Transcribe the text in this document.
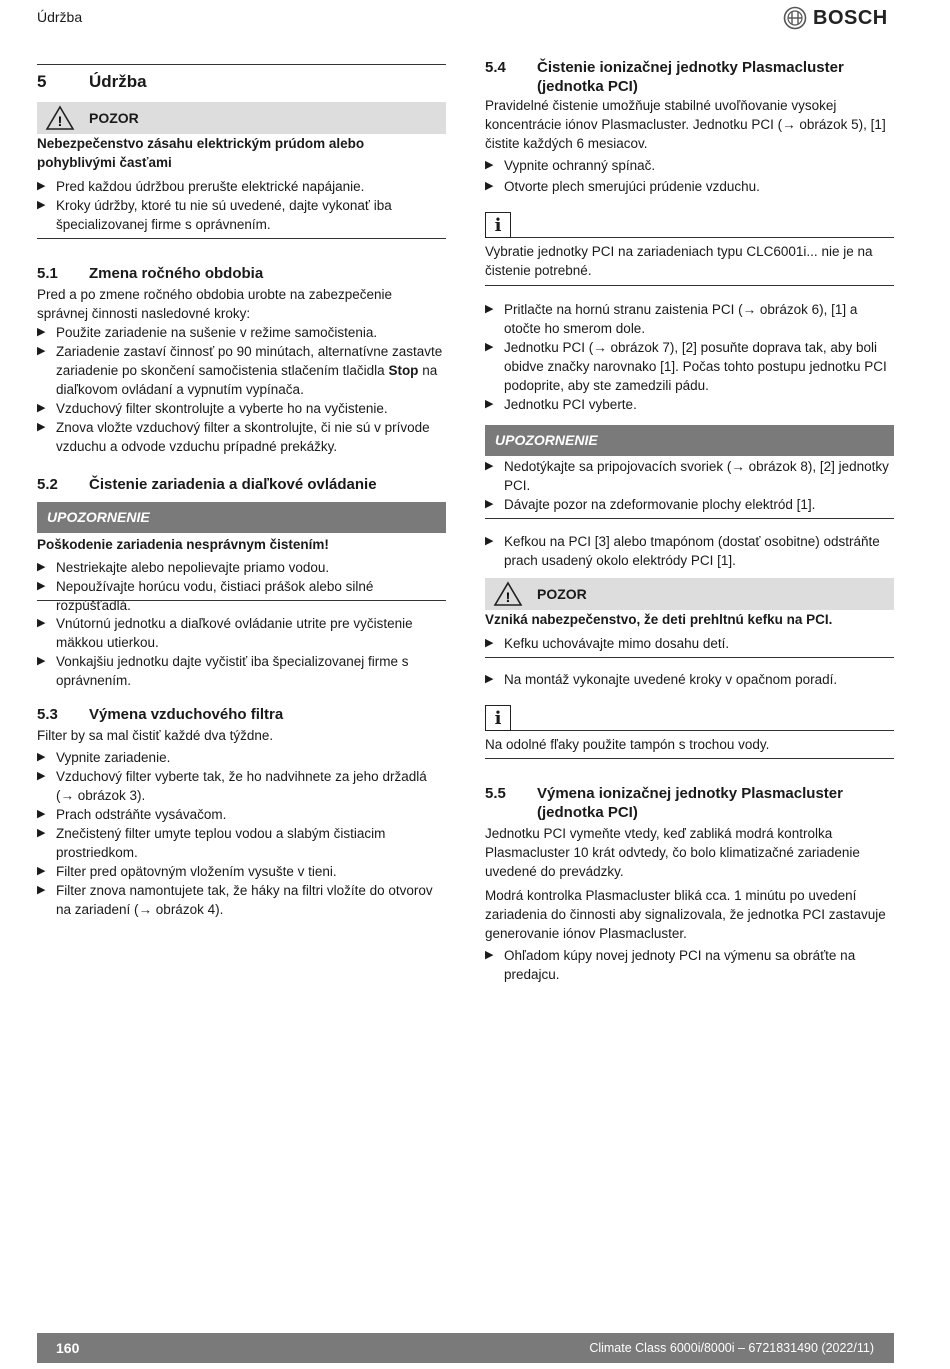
Údržba	BOSCH
5	Údržba
! POZOR

Nebezpečenstvo zásahu elektrickým prúdom alebo pohyblivými časťami

▶
Pred každou údržbou prerušte elektrické napájanie.
▶
Kroky údržby, ktoré tu nie sú uvedené, dajte vykonať iba špecializovanej firme s oprávnením.
5.1	Zmena ročného obdobia

Pred a po zmene ročného obdobia urobte na zabezpečenie správnej činnosti nasledovné kroky:

▶
Použite zariadenie na sušenie v režime samočistenia.
▶
Zariadenie zastaví činnosť po 90 minútach, alternatívne zastavte zariadenie po skončení samočistenia stlačením tlačidla Stop na diaľkovom ovládaní a vypnutím vypínača.
▶
Vzduchový filter skontrolujte a vyberte ho na vyčistenie.
▶
Znova vložte vzduchový filter a skontrolujte, či nie sú v prívode vzduchu a odvode vzduchu prípadné prekážky.
5.2	Čistenie zariadenia a diaľkové ovládanie
UPOZORNENIE

Poškodenie zariadenia nesprávnym čistením!

▶
Nestriekajte alebo nepolievajte priamo vodou.
▶
Nepoužívajte horúcu vodu, čistiaci prášok alebo silné rozpúšťadlá.
▶
Vnútornú jednotku a diaľkové ovládanie utrite pre vyčistenie mäkkou utierkou.
▶
Vonkajšiu jednotku dajte vyčistiť iba špecializovanej firme s oprávnením.
5.3	Výmena vzduchového filtra

Filter by sa mal čistiť každé dva týždne.

▶
Vypnite zariadenie.
▶
Vzduchový filter vyberte tak, že ho nadvihnete za jeho držadlá (→ obrázok 3).
▶
Prach odstráňte vysávačom.
▶
Znečistený filter umyte teplou vodou a slabým čistiacim prostriedkom.
▶
Filter pred opätovným vložením vysušte v tieni.
▶
Filter znova namontujete tak, že háky na filtri vložíte do otvorov na zariadení (→ obrázok 4).
5.4	Čistenie ionizačnej jednotky Plasmacluster
(jednotka PCI)

Pravidelné čistenie umožňuje stabilné uvoľňovanie vysokej koncentrácie iónov Plasmacluster. Jednotku PCI (→ obrázok 5), [1] čistite každých 6 mesiacov.

▶
Vypnite ochranný spínač.
▶
Otvorte plech smerujúci prúdenie vzduchu.
i

Vybratie jednotky PCI na zariadeniach typu CLC6001i... nie je na čistenie potrebné.

▶
Pritlačte na hornú stranu zaistenia PCI (→ obrázok 6), [1] a otočte ho smerom dole.
▶
Jednotku PCI (→ obrázok 7), [2] posuňte doprava tak, aby boli obidve značky narovnako [1]. Počas tohto postupu jednotku PCI podoprite, aby ste zamedzili pádu.
▶
Jednotku PCI vyberte.
UPOZORNENIE
▶
Nedotýkajte sa pripojovacích svoriek (→ obrázok 8), [2] jednotky PCI.
▶
Dávajte pozor na zdeformovanie plochy elektród [1].
▶
Kefkou na PCI [3] alebo tmapónom (dostať osobitne) odstráňte prach usadený okolo elektródy PCI [1].
! POZOR

Vzniká nabezpečenstvo, že deti prehltnú kefku na PCI.

▶
Kefku uchovávajte mimo dosahu detí.
▶
Na montáž vykonajte uvedené kroky v opačnom poradí.
i

Na odolné fľaky použite tampón s trochou vody.

5.5	Výmena ionizačnej jednotky Plasmacluster
(jednotka PCI)

Jednotku PCI vymeňte vtedy, keď zabliká modrá kontrolka Plasmacluster 10 krát odvtedy, čo bolo klimatizačné zariadenie uvedené do prevádzky.

Modrá kontrolka Plasmacluster bliká cca. 1 minútu po uvedení zariadenia do činnosti aby signalizovala, že jednotka PCI zastavuje generovanie iónov Plasmacluster.

▶
Ohľadom kúpy novej jednoty PCI na výmenu sa obráťte na predajcu.
160	Climate Class 6000i/8000i – 6721831490 (2022/11)
